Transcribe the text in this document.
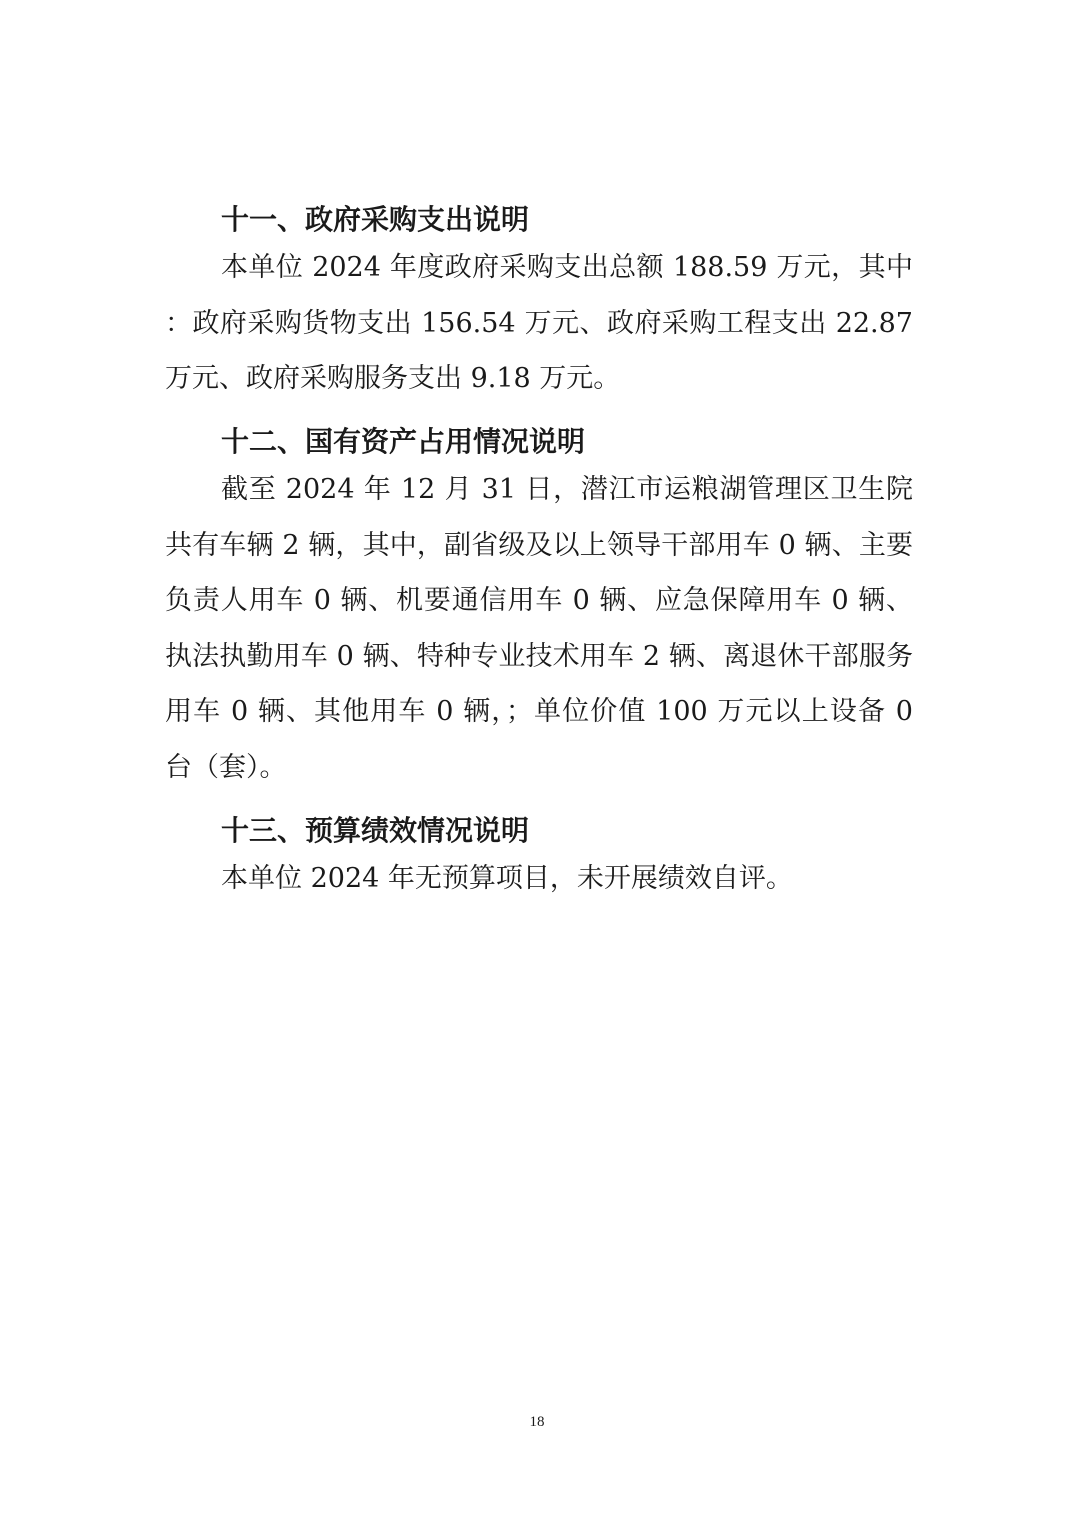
十一、政府采购支出说明

本单位 2024 年度政府采购支出总额 188.59 万元，其中：政府采购货物支出 156.54 万元、政府采购工程支出 22.87 万元、政府采购服务支出 9.18 万元。

十二、国有资产占用情况说明

截至 2024 年 12 月 31 日，潜江市运粮湖管理区卫生院共有车辆 2 辆，其中，副省级及以上领导干部用车 0 辆、主要负责人用车 0 辆、机要通信用车 0 辆、应急保障用车 0 辆、执法执勤用车 0 辆、特种专业技术用车 2 辆、离退休干部服务用车 0 辆、其他用车 0 辆，；单位价值 100 万元以上设备 0 台（套）。

十三、预算绩效情况说明

本单位 2024 年无预算项目，未开展绩效自评。

18
